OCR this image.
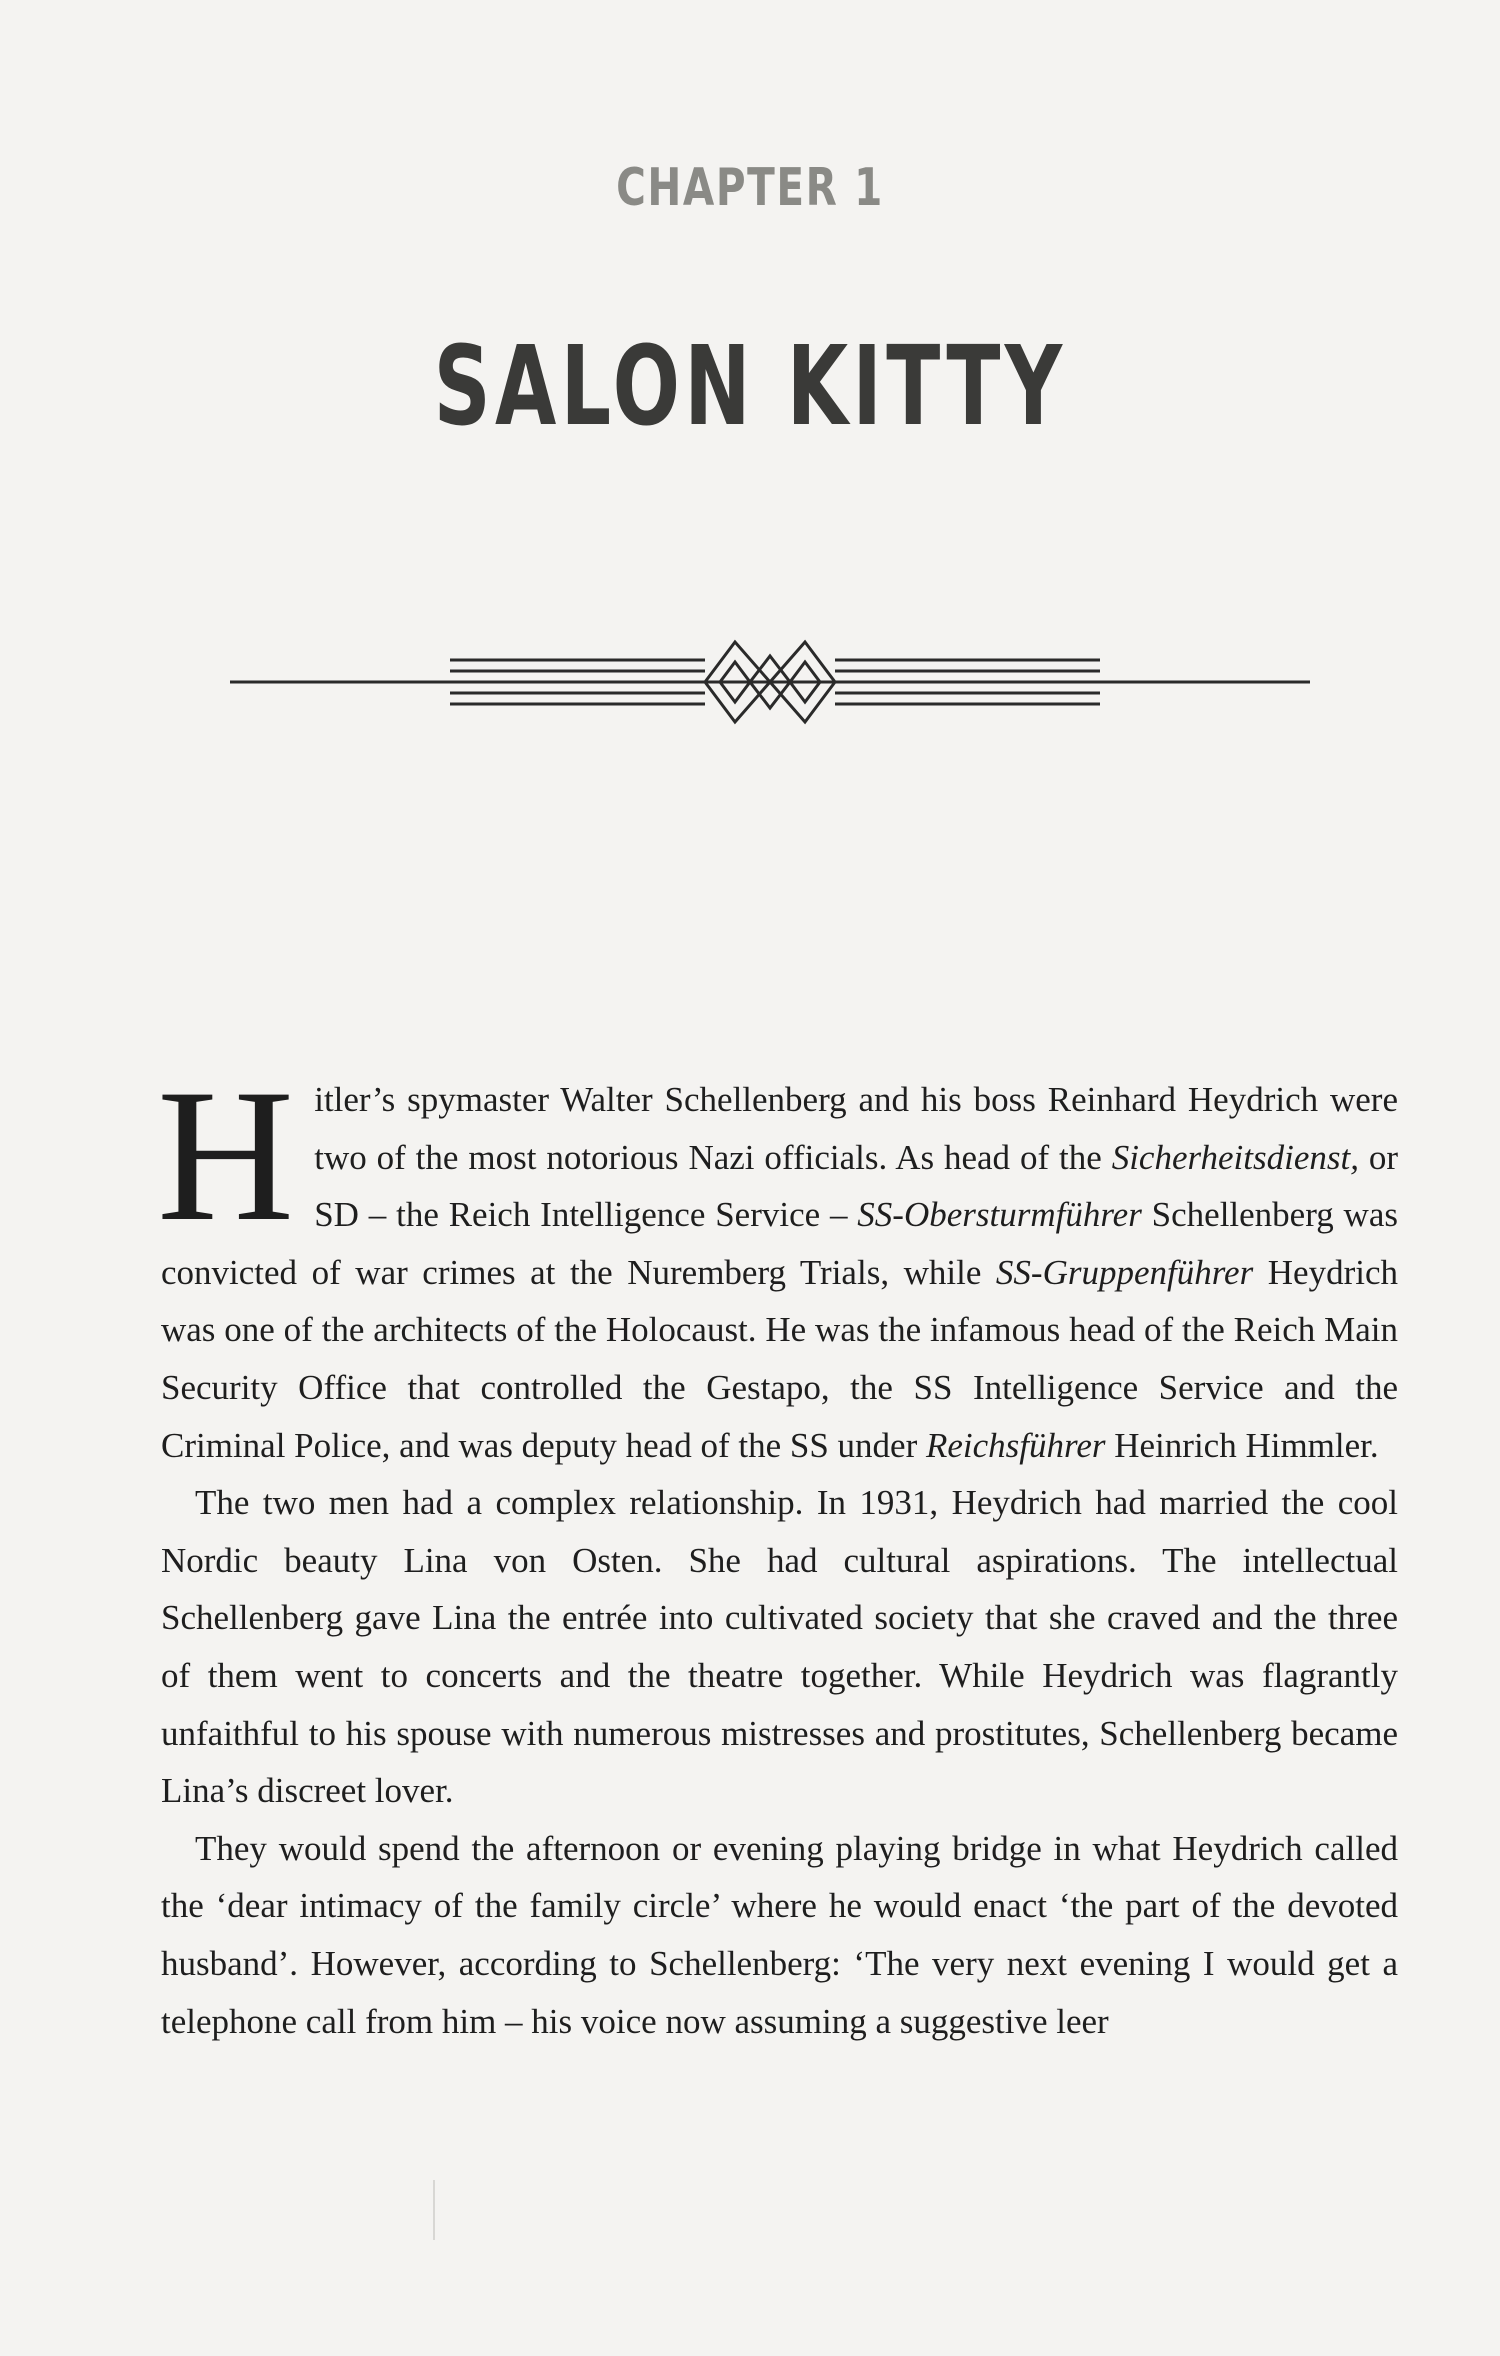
CHAPTER 1
SALON KITTY

Hitler’s spymaster Walter Schellenberg and his boss Reinhard Heydrich were two of the most notorious Nazi officials. As head of the Sicherheitsdienst, or SD – the Reich Intelligence Service – SS-Obersturmführer Schellenberg was convicted of war crimes at the Nuremberg Trials, while SS-Gruppenführer Heydrich was one of the architects of the Holocaust. He was the infamous head of the Reich Main Security Office that controlled the Gestapo, the SS Intelligence Service and the Criminal Police, and was deputy head of the SS under Reichsführer Heinrich Himmler.

The two men had a complex relationship. In 1931, Heydrich had married the cool Nordic beauty Lina von Osten. She had cultural aspirations. The intellectual Schellenberg gave Lina the entrée into cultivated society that she craved and the three of them went to concerts and the theatre together. While Heydrich was flagrantly unfaithful to his spouse with numerous mistresses and prostitutes, Schellenberg became Lina’s discreet lover.

They would spend the afternoon or evening playing bridge in what Heydrich called the ‘dear intimacy of the family circle’ where he would enact ‘the part of the devoted husband’. However, according to Schellenberg: ‘The very next evening I would get a telephone call from him – his voice now assuming a suggestive leer
